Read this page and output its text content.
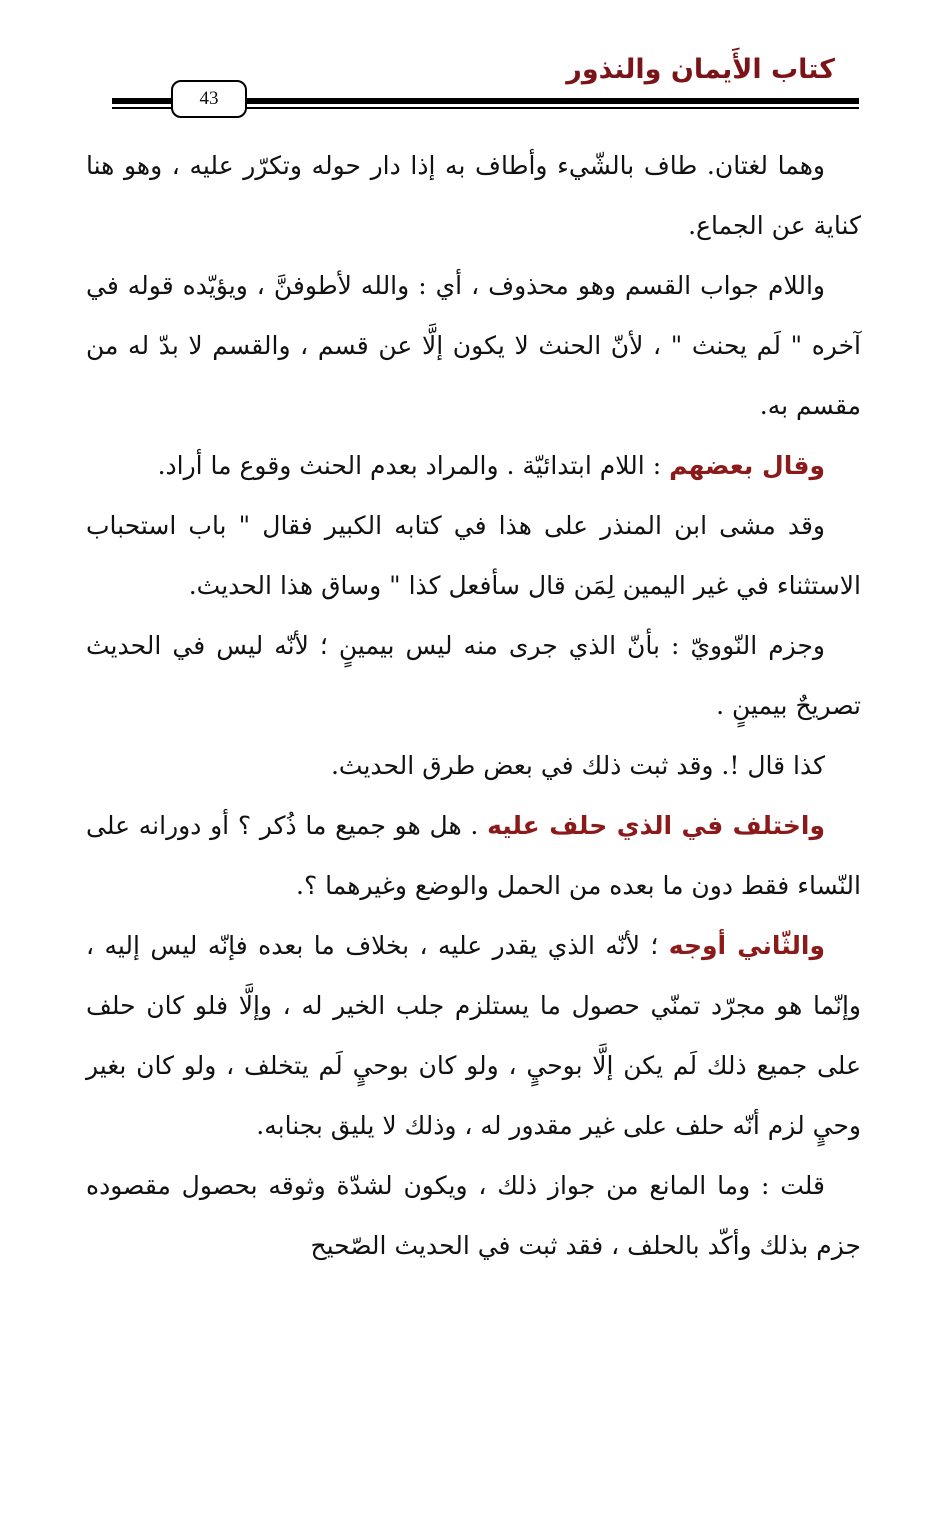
كتاب الأَيمان والنذور
43

وهما لغتان. طاف بالشّيء وأطاف به إذا دار حوله وتكرّر عليه ، وهو هنا كناية عن الجماع.

واللام جواب القسم وهو محذوف ، أي : والله لأطوفنَّ ، ويؤيّده قوله في آخره " لَم يحنث " ، لأنّ الحنث لا يكون إلَّا عن قسم ، والقسم لا بدّ له من مقسم به.

وقال بعضهم : اللام ابتدائيّة . والمراد بعدم الحنث وقوع ما أراد.

وقد مشى ابن المنذر على هذا في كتابه الكبير فقال " باب استحباب الاستثناء في غير اليمين لِمَن قال سأفعل كذا " وساق هذا الحديث.

وجزم النّوويّ : بأنّ الذي جرى منه ليس بيمينٍ ؛ لأنّه ليس في الحديث تصريحٌ بيمينٍ .

كذا قال !. وقد ثبت ذلك في بعض طرق الحديث.

واختلف في الذي حلف عليه . هل هو جميع ما ذُكر ؟ أو دورانه على النّساء فقط دون ما بعده من الحمل والوضع وغيرهما ؟.

والثّاني أوجه ؛ لأنّه الذي يقدر عليه ، بخلاف ما بعده فإنّه ليس إليه ، وإنّما هو مجرّد تمنّي حصول ما يستلزم جلب الخير له ، وإلَّا فلو كان حلف على جميع ذلك لَم يكن إلَّا بوحيٍ ، ولو كان بوحيٍ لَم يتخلف ، ولو كان بغير وحيٍ لزم أنّه حلف على غير مقدور له ، وذلك لا يليق بجنابه.

قلت : وما المانع من جواز ذلك ، ويكون لشدّة وثوقه بحصول مقصوده جزم بذلك وأكّد بالحلف ، فقد ثبت في الحديث الصّحيح
